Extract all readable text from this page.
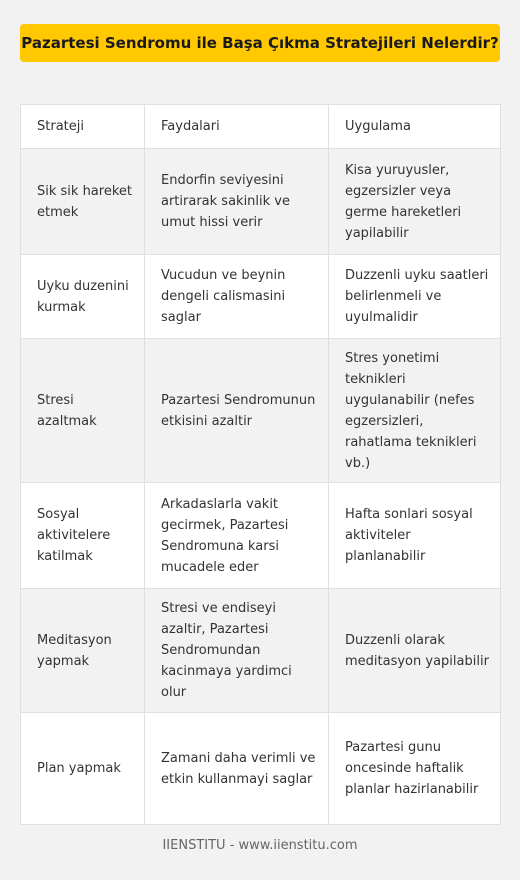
Pazartesi Sendromu ile Başa Çıkma Stratejileri Nelerdir?
Strateji	Faydalari	Uygulama
Sik sik hareket etmek	Endorfin seviyesini artirarak sakinlik ve umut hissi verir	Kisa yuruyusler, egzersizler veya germe hareketleri yapilabilir
Uyku duzenini kurmak	Vucudun ve beynin dengeli calismasini saglar	Duzzenli uyku saatleri belirlenmeli ve uyulmalidir
Stresi azaltmak	Pazartesi Sendromunun etkisini azaltir	Stres yonetimi teknikleri uygulanabilir (nefes egzersizleri, rahatlama teknikleri vb.)
Sosyal aktivitelere katilmak	Arkadaslarla vakit gecirmek, Pazartesi Sendromuna karsi mucadele eder	Hafta sonlari sosyal aktiviteler planlanabilir
Meditasyon yapmak	Stresi ve endiseyi azaltir, Pazartesi Sendromundan kacinmaya yardimci olur	Duzzenli olarak meditasyon yapilabilir
Plan yapmak	Zamani daha verimli ve etkin kullanmayi saglar	Pazartesi gunu oncesinde haftalik planlar hazirlanabilir
IIENSTITU - www.iienstitu.com
